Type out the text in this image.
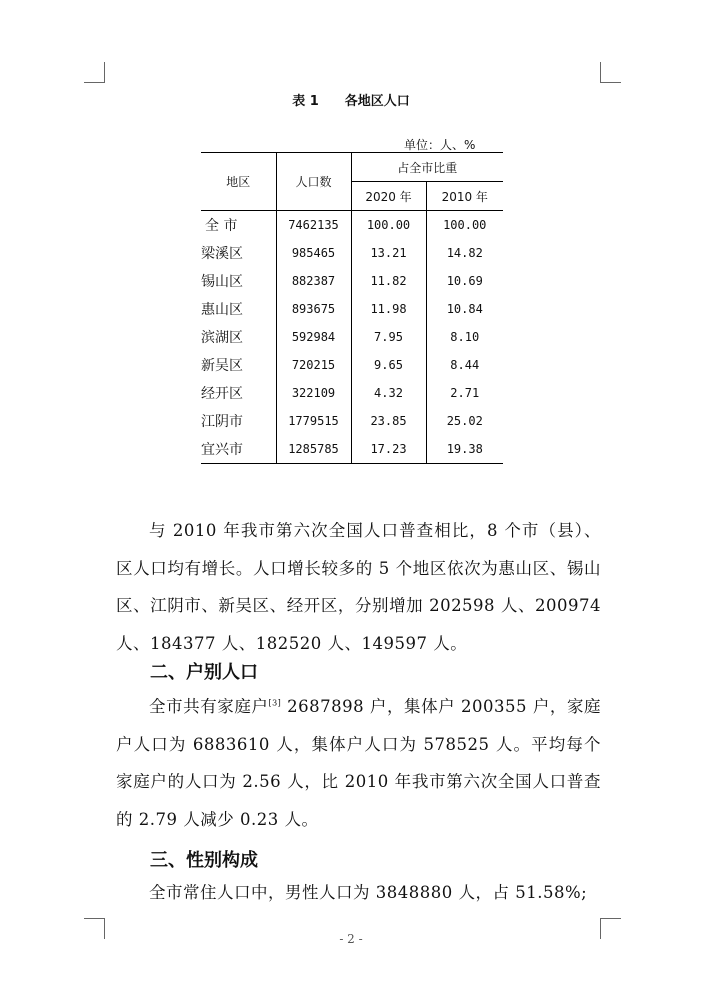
表 1 各地区人口
单位：人、%
地区	人口数	占全市比重	
		2020 年	2010 年
全 市	7462135	100.00	100.00
梁溪区	985465	13.21	14.82
锡山区	882387	11.82	10.69
惠山区	893675	11.98	10.84
滨湖区	592984	7.95	8.10
新吴区	720215	9.65	8.44
经开区	322109	4.32	2.71
江阴市	1779515	23.85	25.02
宜兴市	1285785	17.23	19.38

与 2010 年我市第六次全国人口普查相比，8 个市（县）、区人口均有增长。人口增长较多的 5 个地区依次为惠山区、锡山区、江阴市、新吴区、经开区，分别增加 202598 人、200974 人、184377 人、182520 人、149597 人。

二、户别人口

全市共有家庭户[3] 2687898 户，集体户 200355 户，家庭户人口为 6883610 人，集体户人口为 578525 人。平均每个家庭户的人口为 2.56 人，比 2010 年我市第六次全国人口普查的 2.79 人减少 0.23 人。

三、性别构成

全市常住人口中，男性人口为 3848880 人，占 51.58%;

- 2 -
